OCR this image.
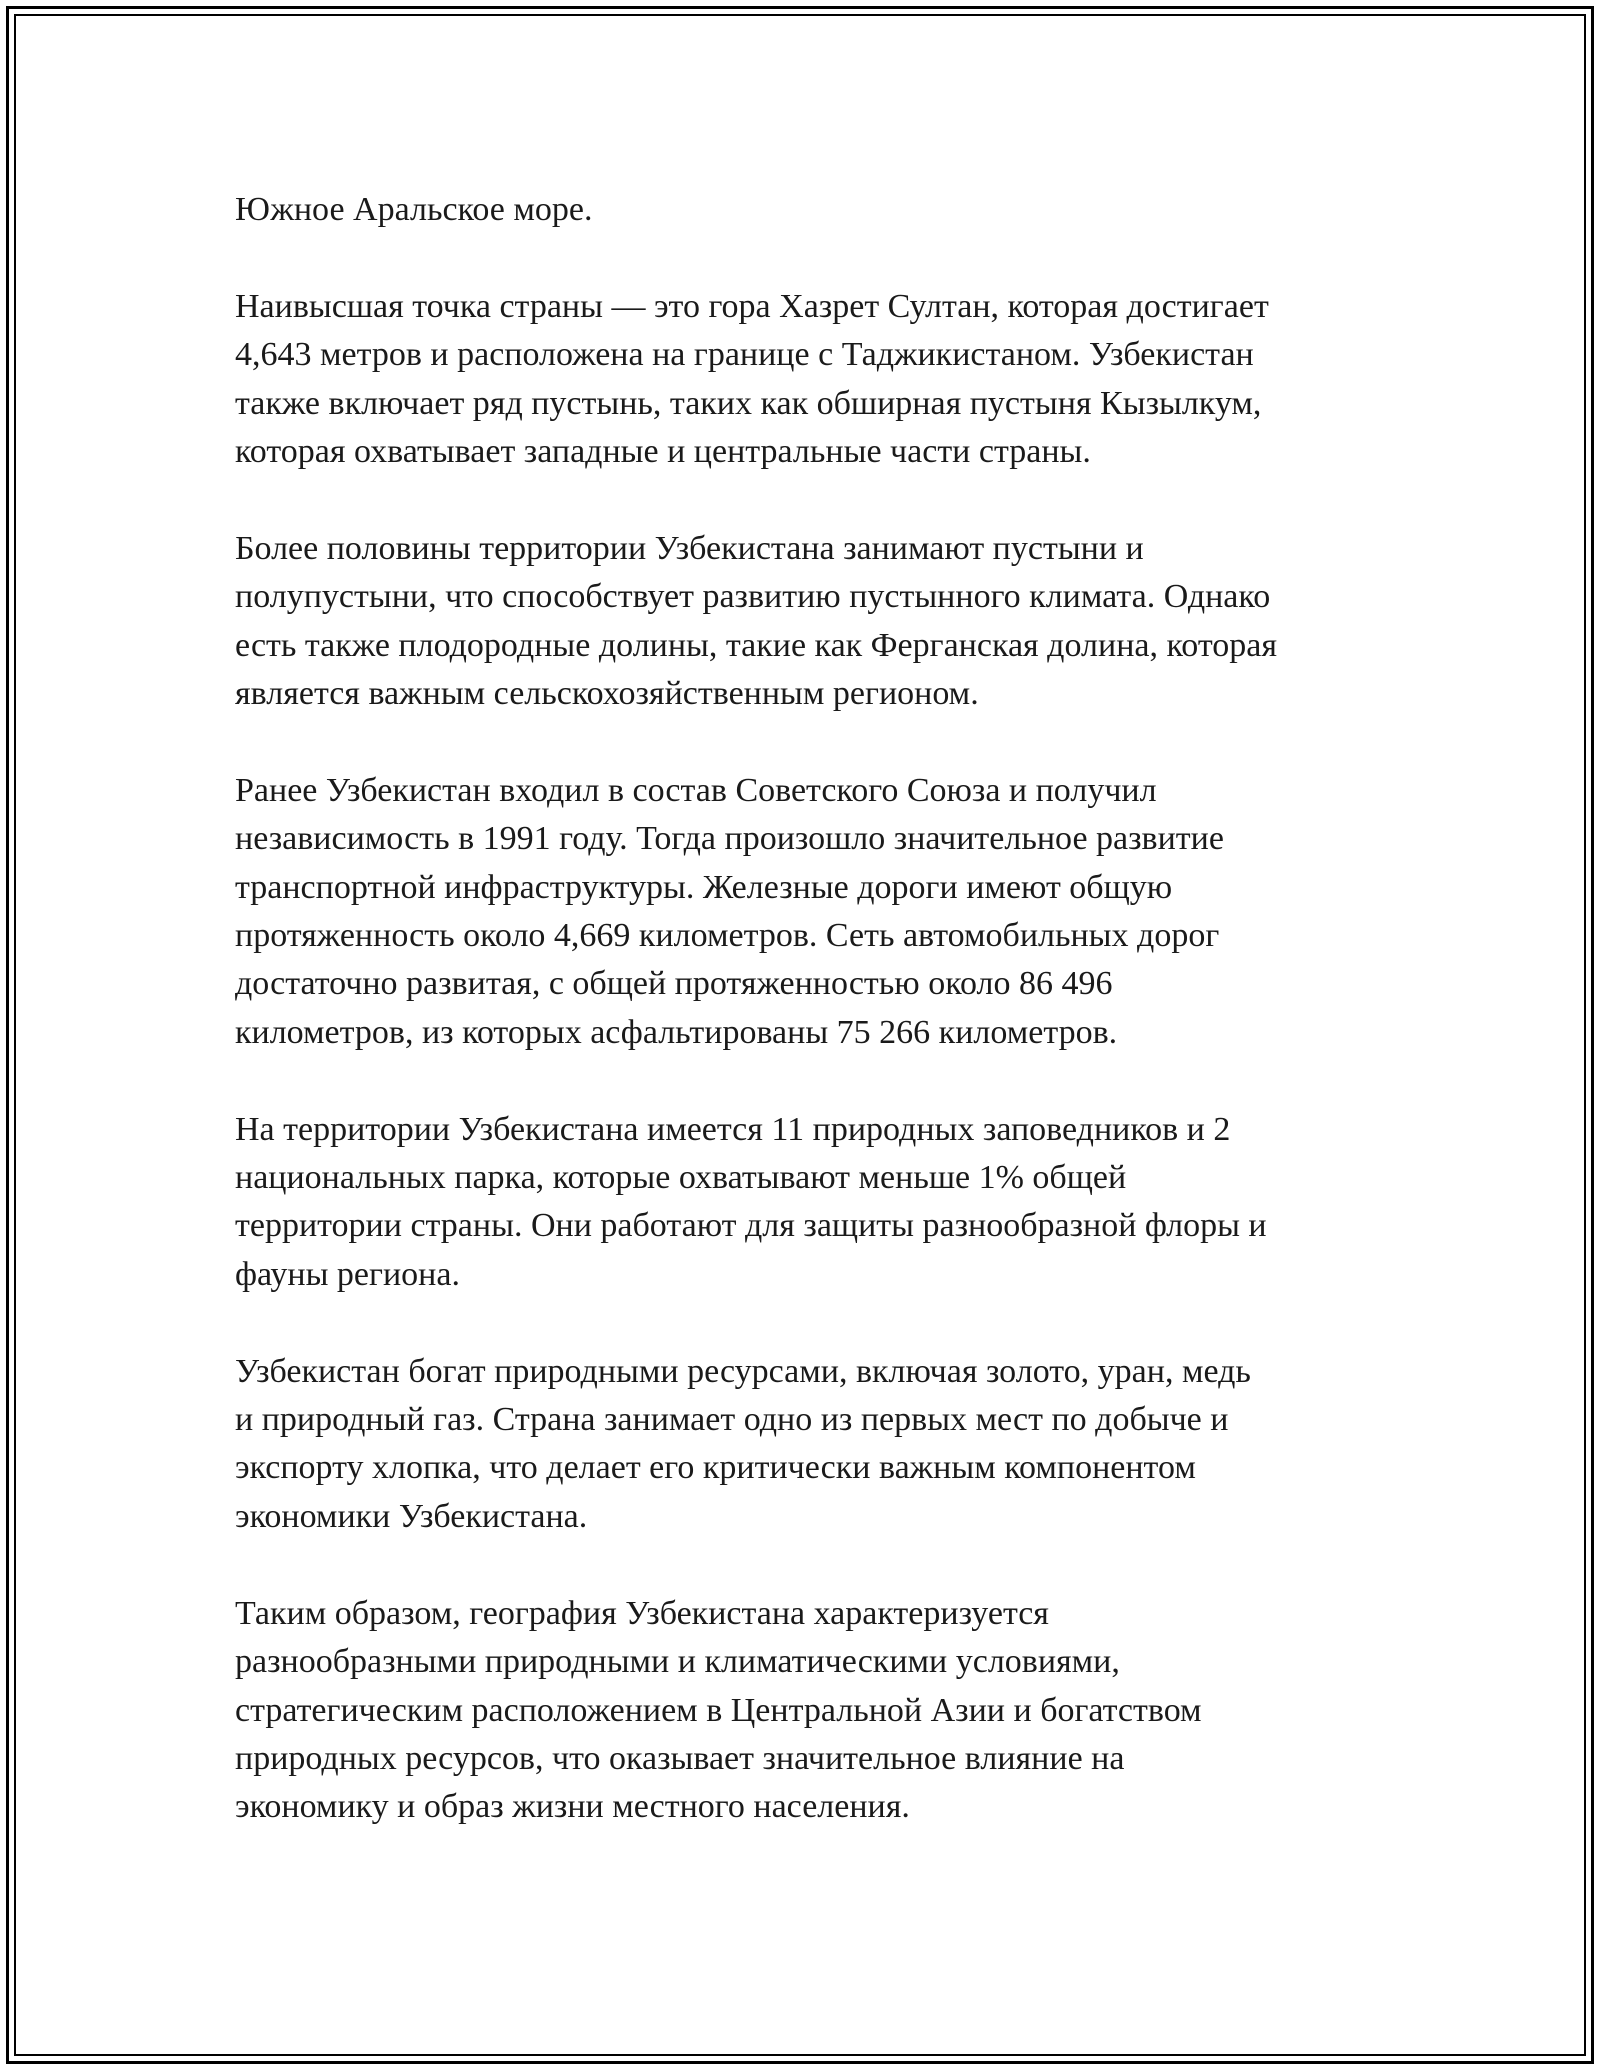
Южное Аральское море.

Наивысшая точка страны — это гора Хазрет Султан, которая достигает
4,643 метров и расположена на границе с Таджикистаном. Узбекистан
также включает ряд пустынь, таких как обширная пустыня Кызылкум,
которая охватывает западные и центральные части страны.

Более половины территории Узбекистана занимают пустыни и
полупустыни, что способствует развитию пустынного климата. Однако
есть также плодородные долины, такие как Ферганская долина, которая
является важным сельскохозяйственным регионом.

Ранее Узбекистан входил в состав Советского Союза и получил
независимость в 1991 году. Тогда произошло значительное развитие
транспортной инфраструктуры. Железные дороги имеют общую
протяженность около 4,669 километров. Сеть автомобильных дорог
достаточно развитая, с общей протяженностью около 86 496
километров, из которых асфальтированы 75 266 километров.

На территории Узбекистана имеется 11 природных заповедников и 2
национальных парка, которые охватывают меньше 1% общей
территории страны. Они работают для защиты разнообразной флоры и
фауны региона.

Узбекистан богат природными ресурсами, включая золото, уран, медь
и природный газ. Страна занимает одно из первых мест по добыче и
экспорту хлопка, что делает его критически важным компонентом
экономики Узбекистана.

Таким образом, география Узбекистана характеризуется
разнообразными природными и климатическими условиями,
стратегическим расположением в Центральной Азии и богатством
природных ресурсов, что оказывает значительное влияние на
экономику и образ жизни местного населения.
